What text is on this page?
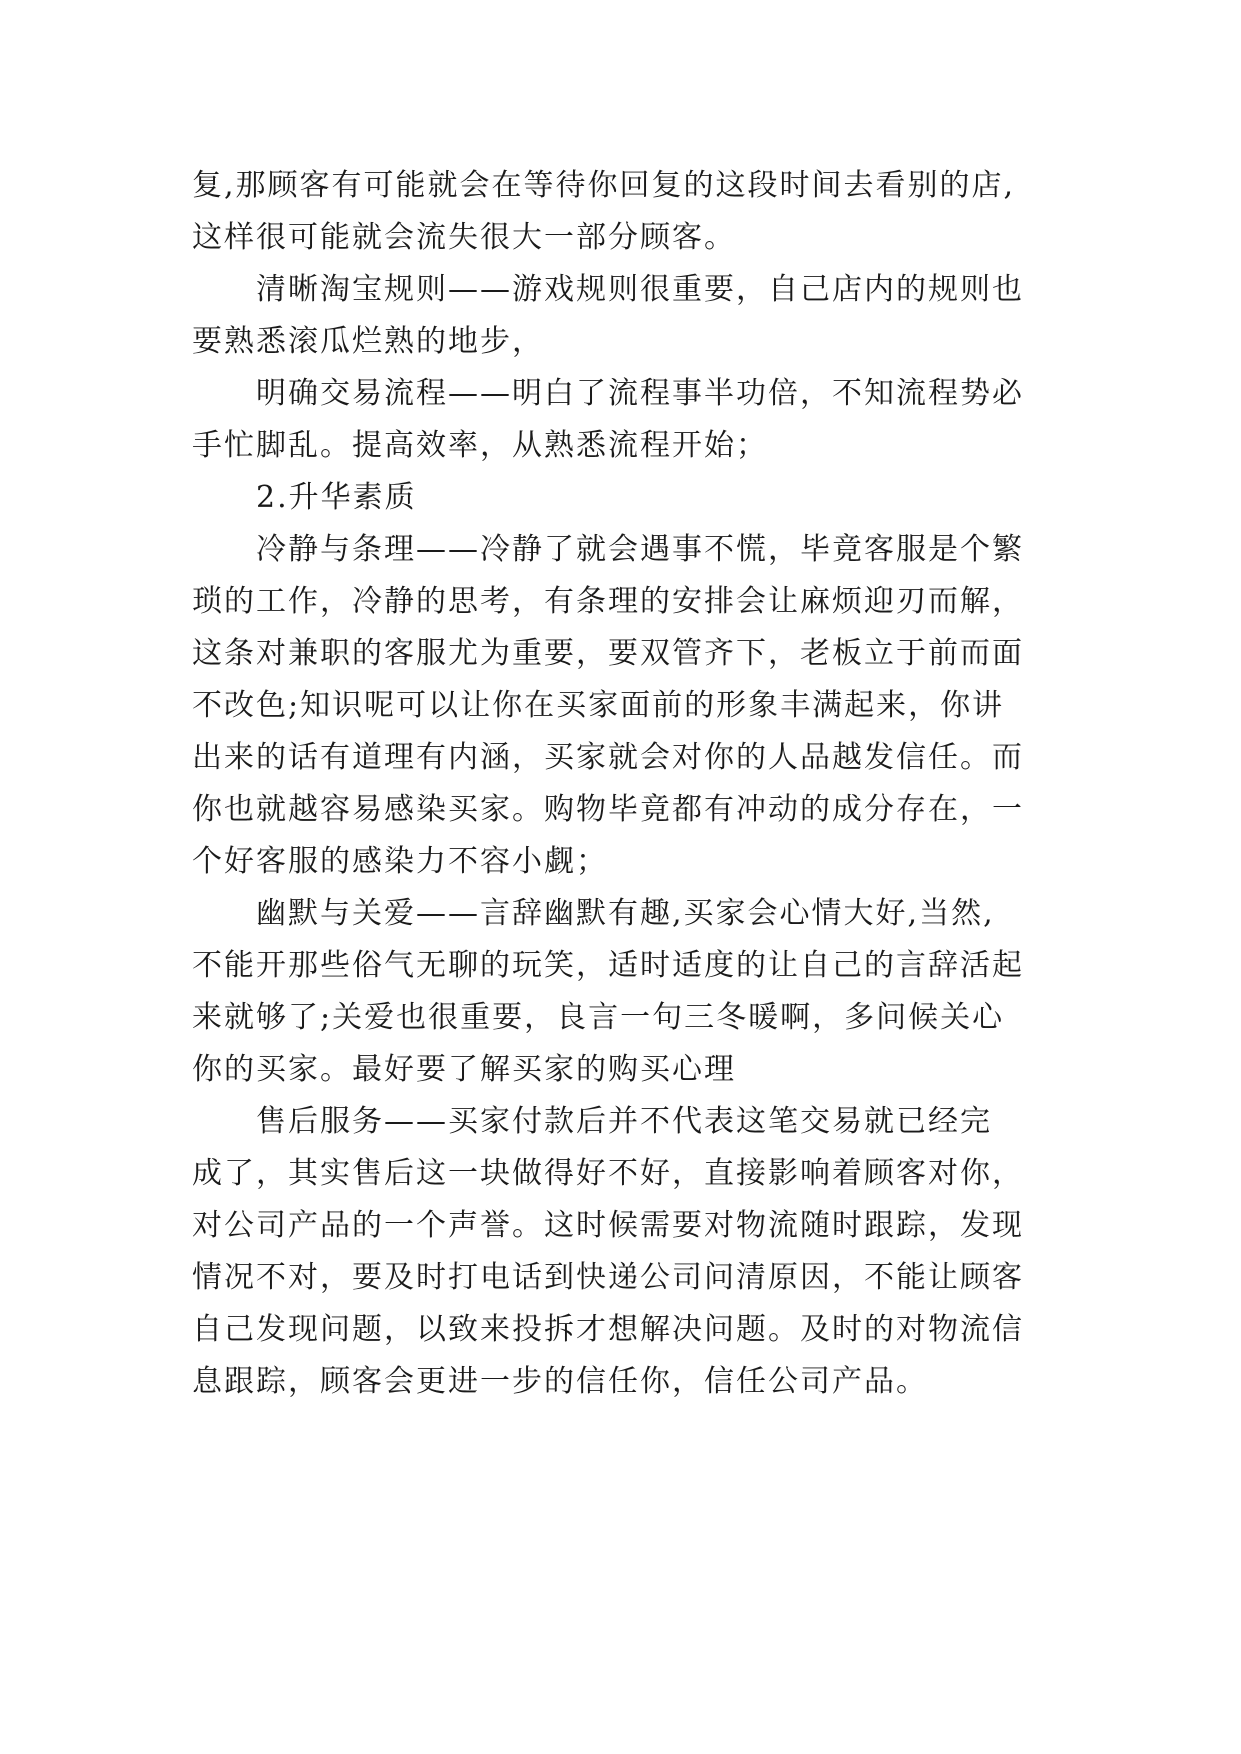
复,那顾客有可能就会在等待你回复的这段时间去看别的店,
这样很可能就会流失很大一部分顾客。
清晰淘宝规则——游戏规则很重要，自己店内的规则也
要熟悉滚瓜烂熟的地步，
明确交易流程——明白了流程事半功倍，不知流程势必
手忙脚乱。提高效率，从熟悉流程开始；
2.升华素质
冷静与条理——冷静了就会遇事不慌，毕竟客服是个繁
琐的工作，冷静的思考，有条理的安排会让麻烦迎刃而解，
这条对兼职的客服尤为重要，要双管齐下，老板立于前而面
不改色;知识呢可以让你在买家面前的形象丰满起来，你讲
出来的话有道理有内涵，买家就会对你的人品越发信任。而
你也就越容易感染买家。购物毕竟都有冲动的成分存在，一
个好客服的感染力不容小觑；
幽默与关爱——言辞幽默有趣,买家会心情大好,当然,
不能开那些俗气无聊的玩笑，适时适度的让自己的言辞活起
来就够了;关爱也很重要，良言一句三冬暖啊，多问候关心
你的买家。最好要了解买家的购买心理
售后服务——买家付款后并不代表这笔交易就已经完
成了，其实售后这一块做得好不好，直接影响着顾客对你，
对公司产品的一个声誉。这时候需要对物流随时跟踪，发现
情况不对，要及时打电话到快递公司问清原因，不能让顾客
自己发现问题，以致来投拆才想解决问题。及时的对物流信
息跟踪，顾客会更进一步的信任你，信任公司产品。
